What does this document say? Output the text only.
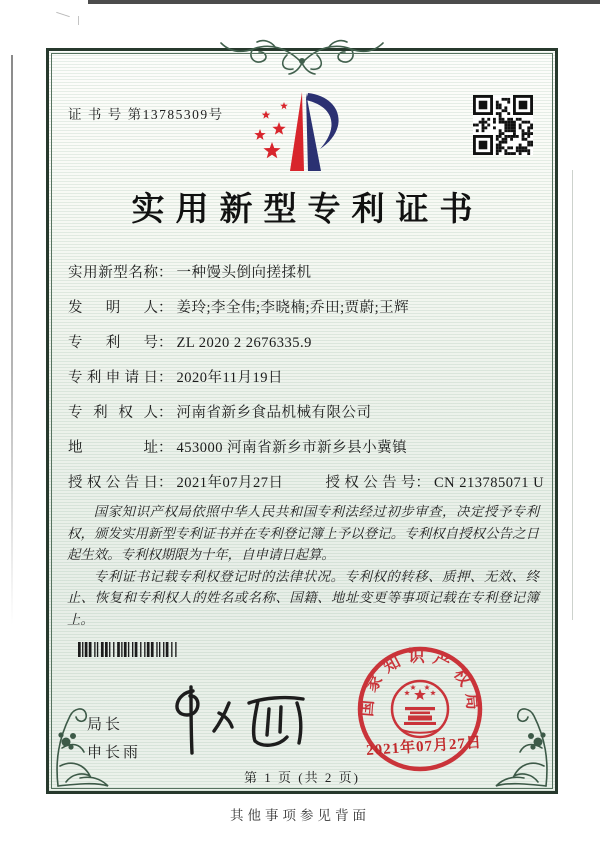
证 书 号 第13785309号
实用新型专利证书
实用新型名称： 一种馒头倒向搓揉机
发明人： 姜玲;李全伟;李晓楠;乔田;贾蔚;王辉
专利号： ZL 2020 2 2676335.9
专利申请日： 2020年11月19日
专利权人： 河南省新乡食品机械有限公司
地址： 453000 河南省新乡市新乡县小冀镇
授权公告日： 2021年07月27日	授权公告号： CN 213785071 U

国家知识产权局依照中华人民共和国专利法经过初步审查，决定授予专利权，颁发实用新型专利证书并在专利登记簿上予以登记。专利权自授权公告之日起生效。专利权期限为十年，自申请日起算。

专利证书记载专利权登记时的法律状况。专利权的转移、质押、无效、终止、恢复和专利权人的姓名或名称、国籍、地址变更等事项记载在专利登记簿上。

局长
申长雨
国家知识产权局
2021年07月27日
第 1 页 (共 2 页)
其他事项参见背面
